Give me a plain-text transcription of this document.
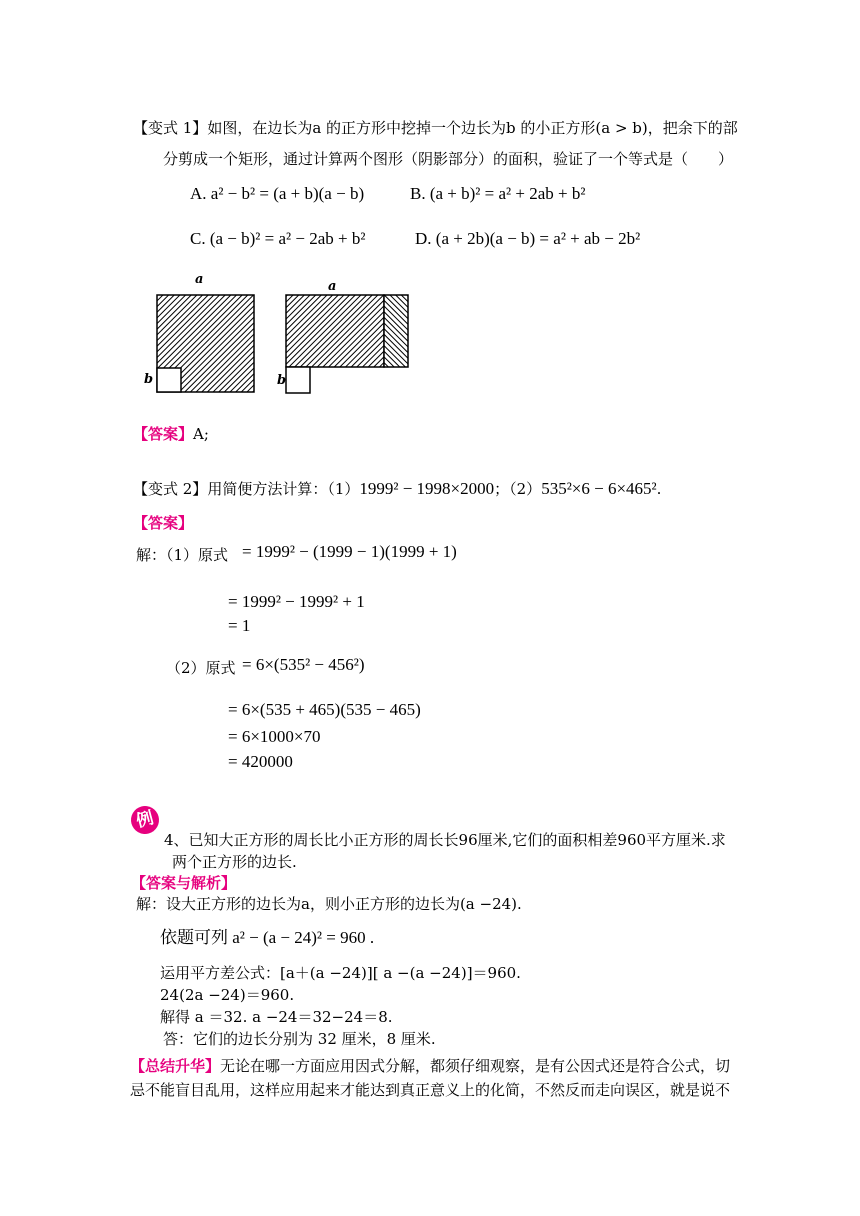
【变式 1】如图，在边长为a 的正方形中挖掉一个边长为b 的小正方形(a > b)，把余下的部
分剪成一个矩形，通过计算两个图形（阴影部分）的面积，验证了一个等式是（　　）
A. a² − b² = (a + b)(a − b)	B. (a + b)² = a² + 2ab + b²
C. (a − b)² = a² − 2ab + b²	D. (a + 2b)(a − b) = a² + ab − 2b²
a
b
a
b
【答案】A;
【变式 2】用简便方法计算：（1）1999² − 1998×2000；（2）535²×6 − 6×465².
【答案】
解：（1）原式 = 1999² − (1999 − 1)(1999 + 1)
= 1999² − 1999² + 1
= 1
（2）原式 = 6×(535² − 456²)
= 6×(535 + 465)(535 − 465)
= 6×1000×70
= 420000
例
4、已知大正方形的周长比小正方形的周长长96厘米,它们的面积相差960平方厘米.求
两个正方形的边长.
【答案与解析】
解：设大正方形的边长为a，则小正方形的边长为(a −24).
依题可列 a² − (a − 24)² = 960 .
运用平方差公式：[a＋(a −24)][ a −(a −24)]＝960.
24(2a −24)＝960.
解得 a ＝32. a −24＝32−24＝8.
答：它们的边长分别为 32 厘米，8 厘米.
【总结升华】无论在哪一方面应用因式分解，都须仔细观察，是有公因式还是符合公式，切
忌不能盲目乱用，这样应用起来才能达到真正意义上的化简，不然反而走向误区，就是说不
